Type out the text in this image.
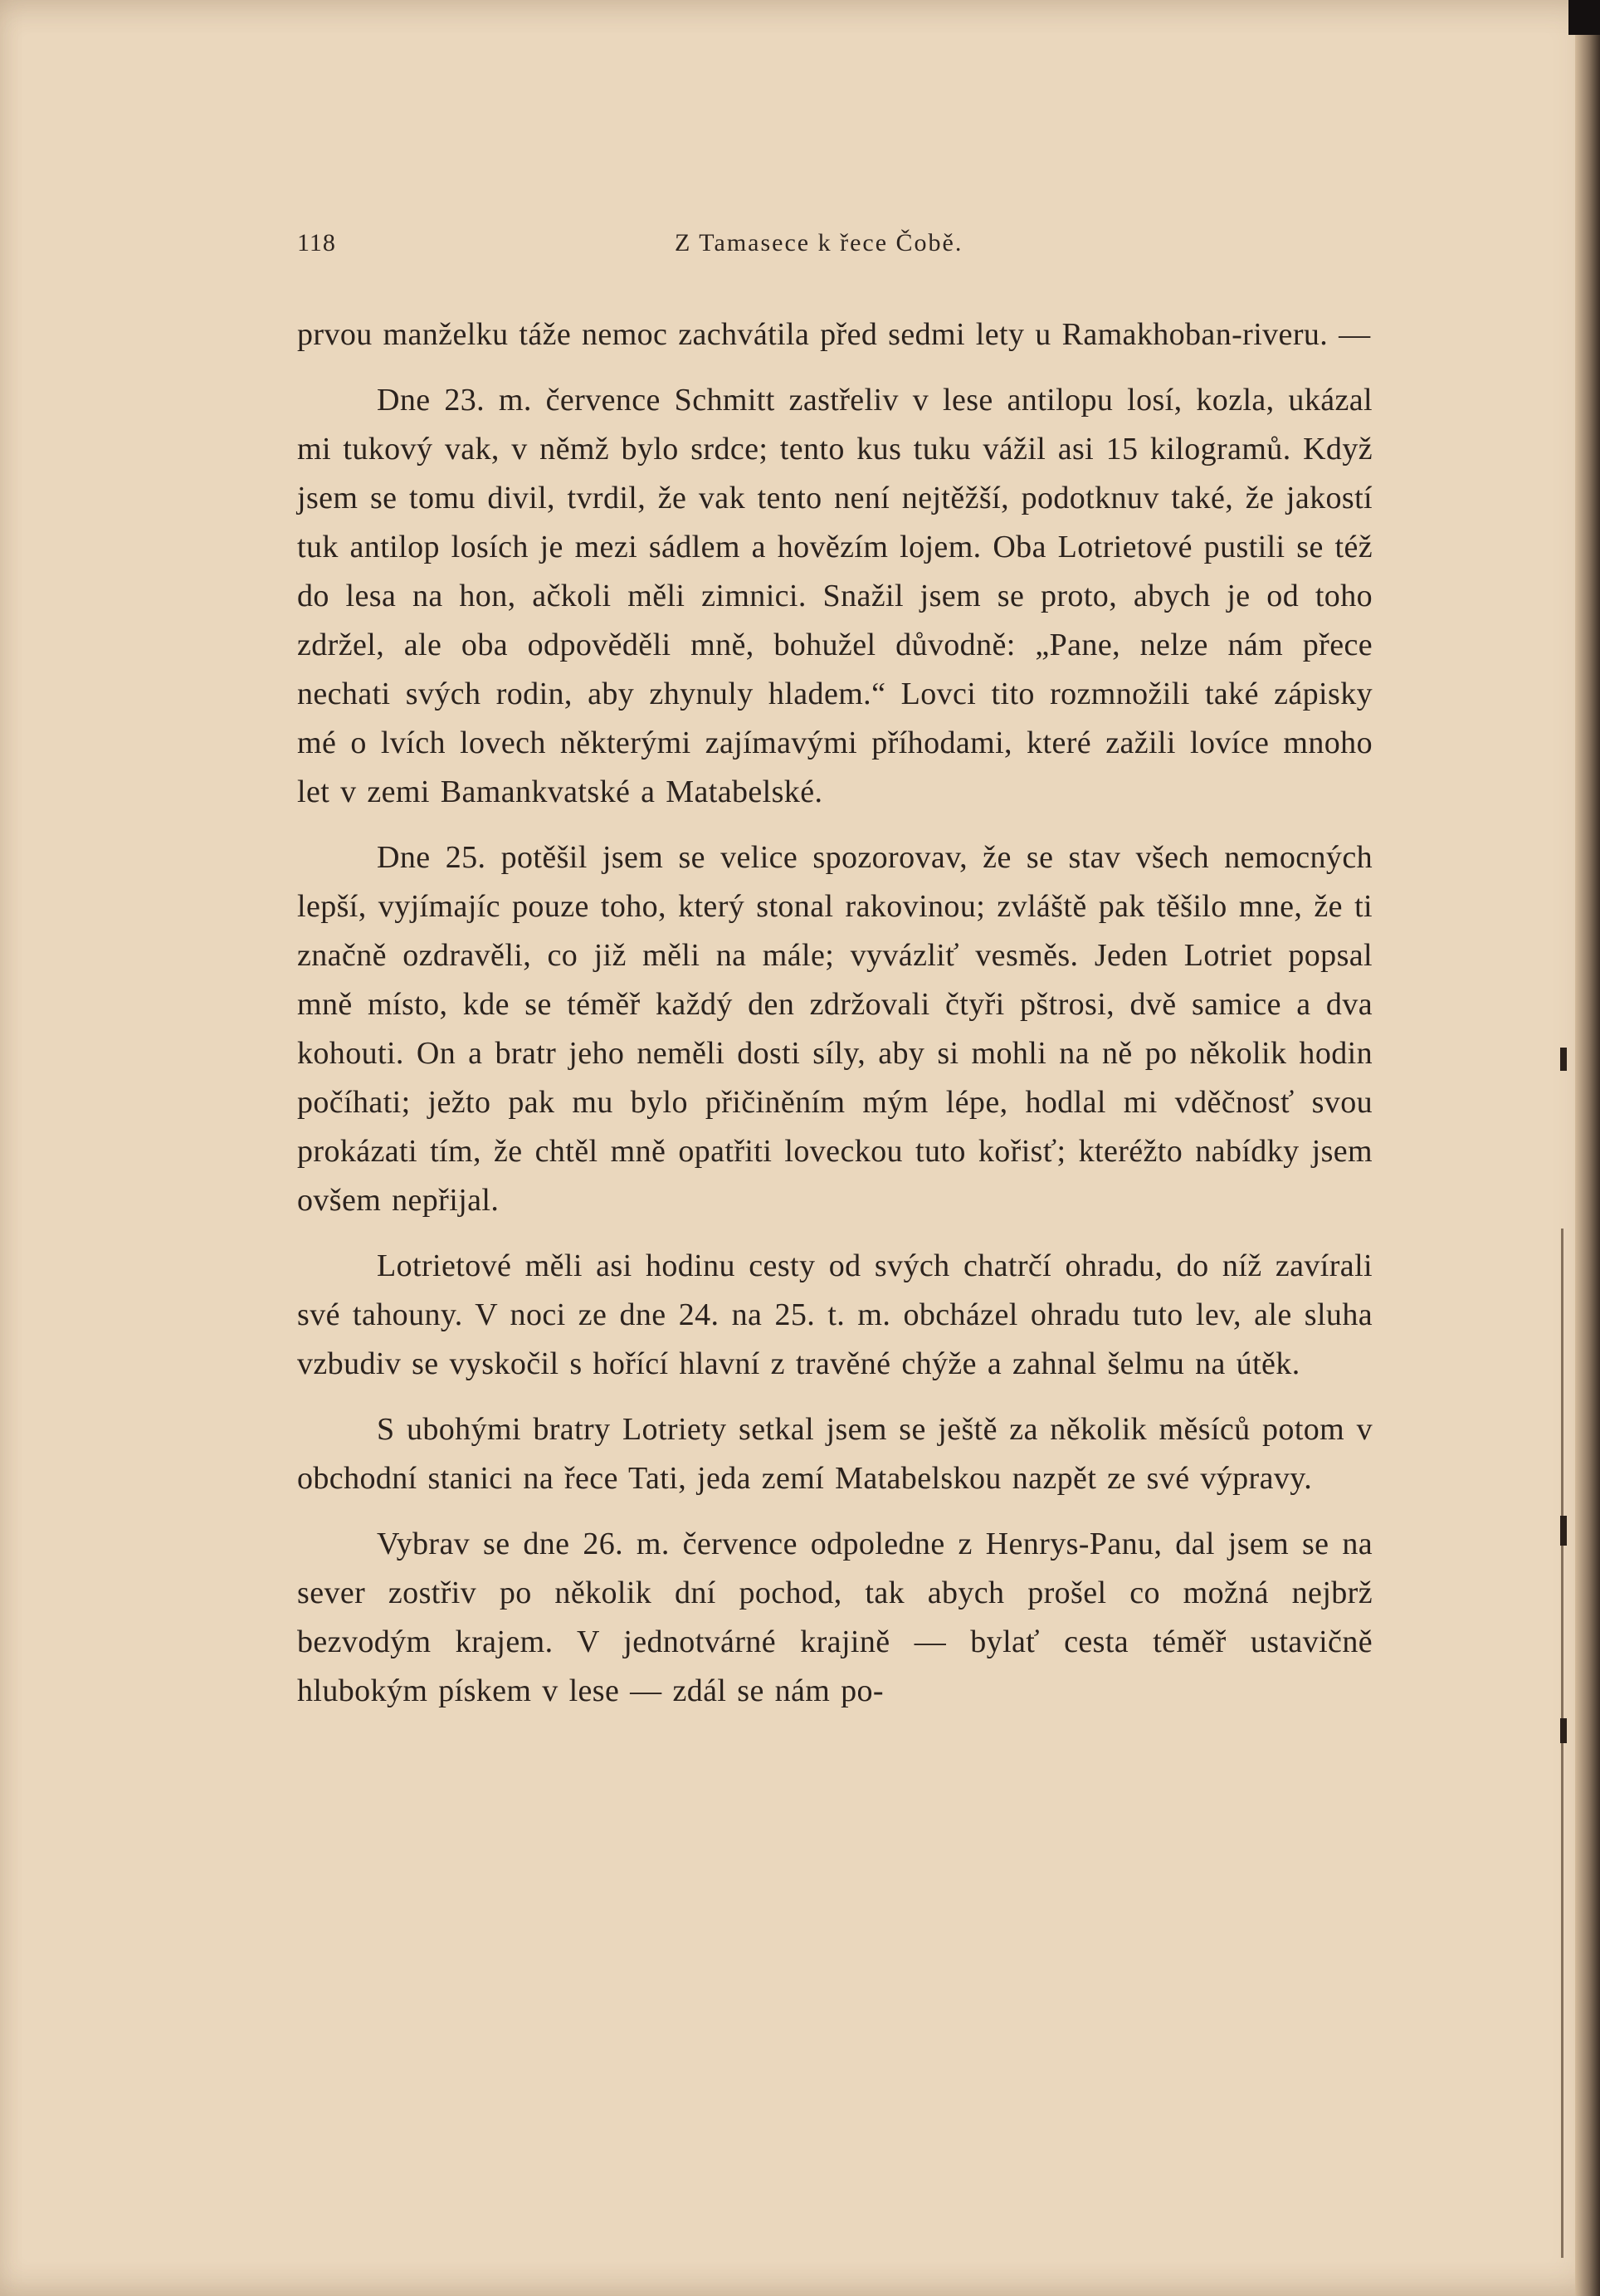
118	Z Tamasece k řece Čobě.

prvou manželku táže nemoc zachvátila před sedmi lety u Ramakhoban-riveru. —

Dne 23. m. července Schmitt zastřeliv v lese antilopu losí, kozla, ukázal mi tukový vak, v němž bylo srdce; tento kus tuku vážil asi 15 kilogramů. Když jsem se tomu divil, tvrdil, že vak tento není nejtěžší, podotknuv také, že jakostí tuk antilop losích je mezi sádlem a hovězím lojem. Oba Lotrietové pustili se též do lesa na hon, ačkoli měli zimnici. Snažil jsem se proto, abych je od toho zdržel, ale oba odpověděli mně, bohužel důvodně: „Pane, nelze nám přece nechati svých rodin, aby zhynuly hladem.“ Lovci tito rozmnožili také zápisky mé o lvích lovech některými zajímavými příhodami, které zažili lovíce mnoho let v zemi Bamankvatské a Matabelské.

Dne 25. potěšil jsem se velice spozorovav, že se stav všech nemocných lepší, vyjímajíc pouze toho, který stonal rakovinou; zvláště pak těšilo mne, že ti značně ozdravěli, co již měli na mále; vyvázliť vesměs. Jeden Lotriet popsal mně místo, kde se téměř každý den zdržovali čtyři pštrosi, dvě samice a dva kohouti. On a bratr jeho neměli dosti síly, aby si mohli na ně po několik hodin počíhati; ježto pak mu bylo přičiněním mým lépe, hodlal mi vděčnosť svou prokázati tím, že chtěl mně opatřiti loveckou tuto kořisť; kteréžto nabídky jsem ovšem nepřijal.

Lotrietové měli asi hodinu cesty od svých chatrčí ohradu, do níž zavírali své tahouny. V noci ze dne 24. na 25. t. m. obcházel ohradu tuto lev, ale sluha vzbudiv se vyskočil s hořící hlavní z travěné chýže a zahnal šelmu na útěk.

S ubohými bratry Lotriety setkal jsem se ještě za několik měsíců potom v obchodní stanici na řece Tati, jeda zemí Matabelskou nazpět ze své výpravy.

Vybrav se dne 26. m. července odpoledne z Henrys-Panu, dal jsem se na sever zostřiv po několik dní pochod, tak abych prošel co možná nejbrž bezvodým krajem. V jednotvárné krajině — bylať cesta téměř ustavičně hlubokým pískem v lese — zdál se nám po-
